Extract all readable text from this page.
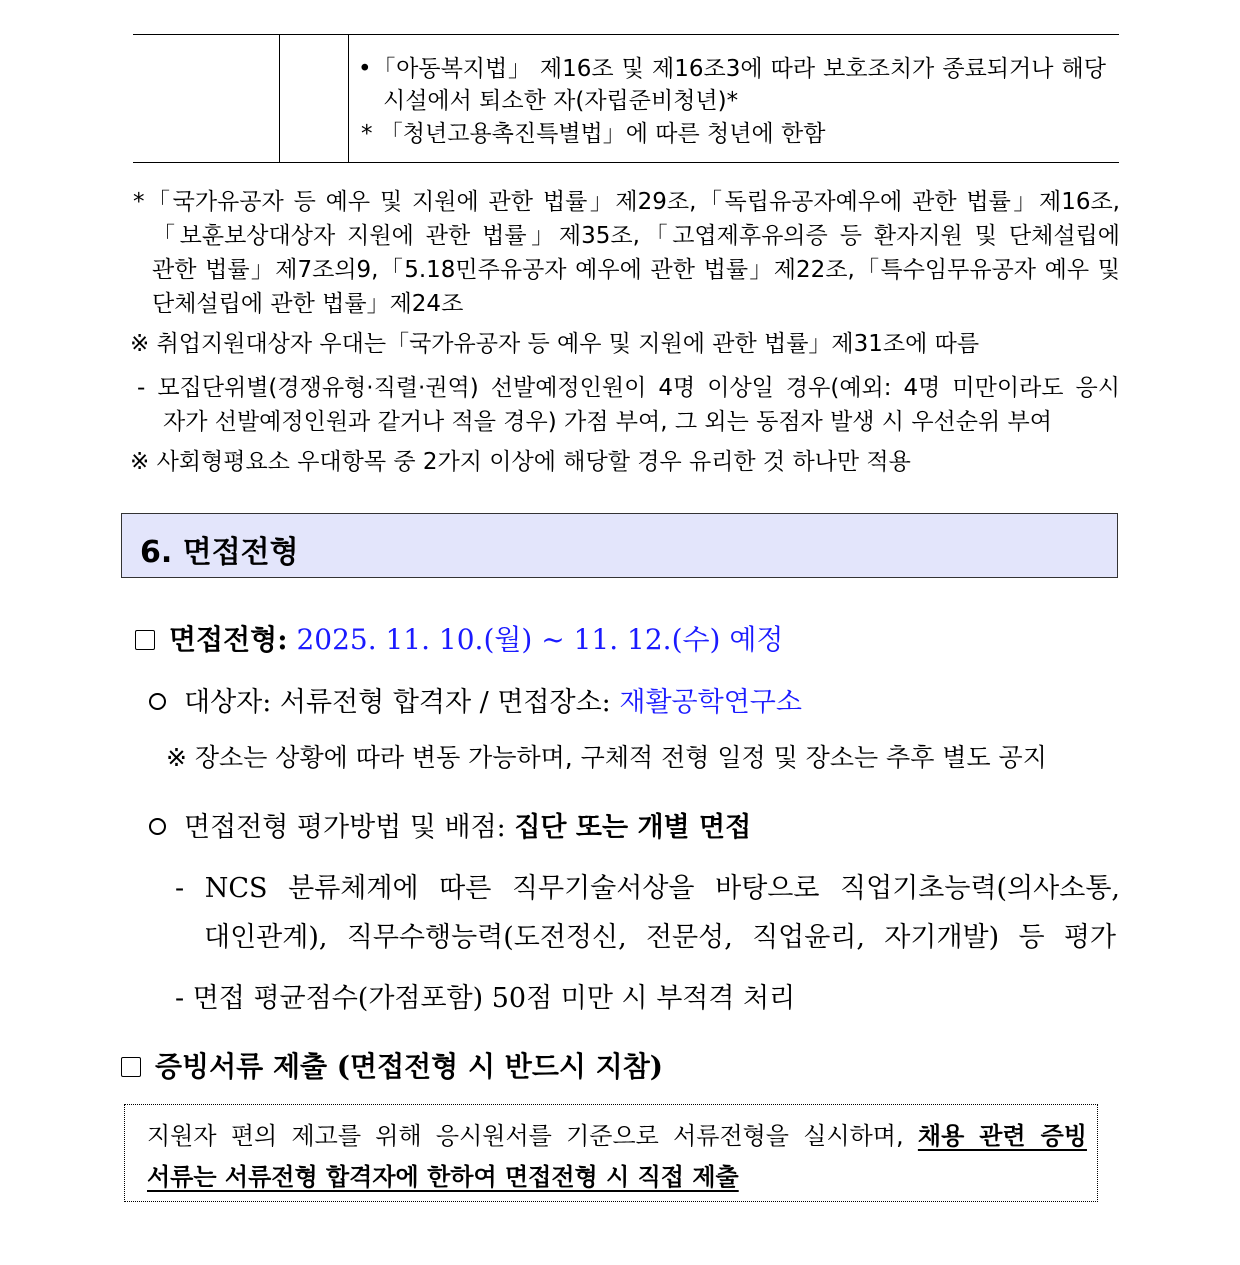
•「아동복지법」 제16조 및 제16조3에 따라 보호조치가 종료되거나 해당
시설에서 퇴소한 자(자립준비청년)*
* 「청년고용촉진특별법」에 따른 청년에 한함
*「국가유공자 등 예우 및 지원에 관한 법률」제29조,「독립유공자예우에 관한 법률」제16조,
「보훈보상대상자 지원에 관한 법률」제35조,「고엽제후유의증 등 환자지원 및 단체설립에
관한 법률」제7조의9,「5.18민주유공자 예우에 관한 법률」제22조,「특수임무유공자 예우 및
단체설립에 관한 법률」제24조
※ 취업지원대상자 우대는「국가유공자 등 예우 및 지원에 관한 법률」제31조에 따름
- 모집단위별(경쟁유형·직렬·권역) 선발예정인원이 4명 이상일 경우(예외: 4명 미만이라도 응시
자가 선발예정인원과 같거나 적을 경우) 가점 부여, 그 외는 동점자 발생 시 우선순위 부여
※ 사회형평요소 우대항목 중 2가지 이상에 해당할 경우 유리한 것 하나만 적용
6. 면접전형
면접전형: 2025. 11. 10.(월) ~ 11. 12.(수) 예정
대상자: 서류전형 합격자 / 면접장소: 재활공학연구소
※ 장소는 상황에 따라 변동 가능하며, 구체적 전형 일정 및 장소는 추후 별도 공지
면접전형 평가방법 및 배점: 집단 또는 개별 면접
- NCS 분류체계에 따른 직무기술서상을 바탕으로 직업기초능력(의사소통,
대인관계), 직무수행능력(도전정신, 전문성, 직업윤리, 자기개발) 등 평가
- 면접 평균점수(가점포함) 50점 미만 시 부적격 처리
증빙서류 제출 (면접전형 시 반드시 지참)
지원자 편의 제고를 위해 응시원서를 기준으로 서류전형을 실시하며, 채용 관련 증빙
서류는 서류전형 합격자에 한하여 면접전형 시 직접 제출
